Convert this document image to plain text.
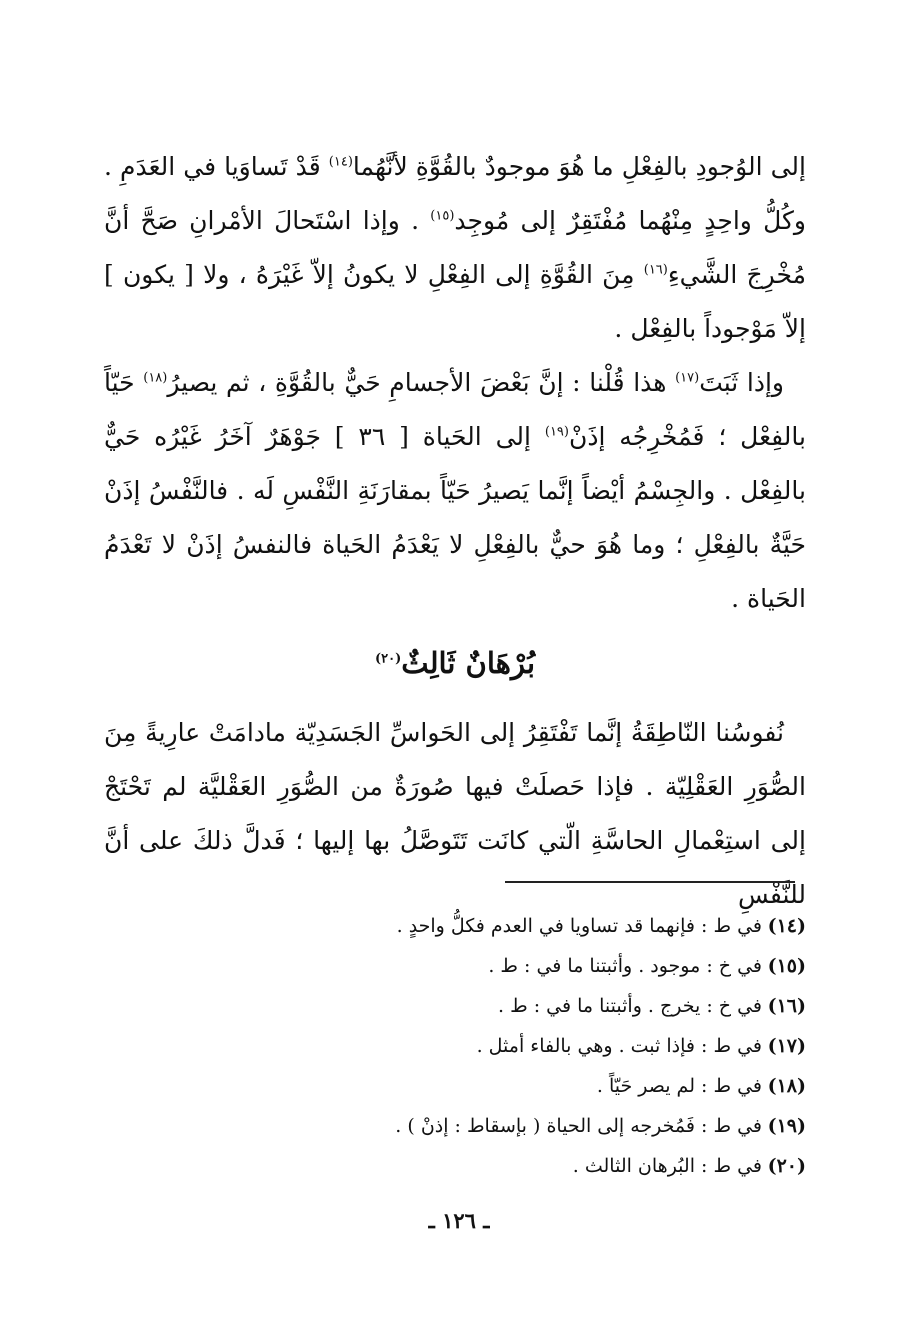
إلى الوُجودِ بالفِعْلِ ما هُوَ موجودٌ بالقُوَّةِ لأنَّهُما$^{(١٤)}$ قَدْ تَساوَيا في العَدَمِ . وكُلُّ واحِدٍ مِنْهُما مُفْتَقِرٌ إلى مُوجِد$^{(١٥)}$ . وإذا اسْتَحالَ الأمْرانِ صَحَّ أنَّ مُخْرِجَ الشَّيءِ$^{(١٦)}$ مِنَ القُوَّةِ إلى الفِعْلِ لا يكونُ إلاّ غَيْرَهُ ، ولا [ يكون ] إلاّ مَوْجوداً بالفِعْل .

وإذا ثَبَتَ$^{(١٧)}$ هذا قُلْنا : إنَّ بَعْضَ الأجسامِ حَيٌّ بالقُوَّةِ ، ثم يصيرُ$^{(١٨)}$ حَيّاً بالفِعْل ؛ فَمُخْرِجُه إذَنْ$^{(١٩)}$ إلى الحَياة [ ٣٦ ] جَوْهَرٌ آخَرُ غَيْرُه حَيٌّ بالفِعْل . والجِسْمُ أيْضاً إنَّما يَصيرُ حَيّاً بمقارَنَةِ النَّفْسِ لَه . فالنَّفْسُ إذَنْ حَيَّةٌ بالفِعْلِ ؛ وما هُوَ حيٌّ بالفِعْلِ لا يَعْدَمُ الحَياة فالنفسُ إذَنْ لا تَعْدَمُ الحَياة .

بُرْهَانٌ ثَالِثٌ$^{(٢٠)}$

نُفوسُنا النّاطِقَةُ إنَّما تَفْتَقِرُ إلى الحَواسِّ الجَسَدِيّة مادامَتْ عارِيةً مِنَ الصُّوَرِ العَقْلِيّة . فإذا حَصلَتْ فيها صُورَةٌ من الصُّوَرِ العَقْليَّة لم تَحْتَجْ إلى استِعْمالِ الحاسَّةِ الّتي كانَت تَتَوصَّلُ بها إليها ؛ فَدلَّ ذلكَ على أنَّ للنَّفْسِ

(١٤)في ط : فإنهما قد تساويا في العدم فكلُّ واحدٍ .
(١٥)في خ : موجود . وأثبتنا ما في : ط .
(١٦)في خ : يخرج . وأثبتنا ما في : ط .
(١٧)في ط : فإذا ثبت . وهي بالفاء أمثل .
(١٨)في ط : لم يصر حَيّاً .
(١٩)في ط : فَمُخرجه إلى الحياة ( بإسقاط : إذنْ ) .
(٢٠)في ط : البُرهان الثالث .
ـ ١٢٦ ـ
